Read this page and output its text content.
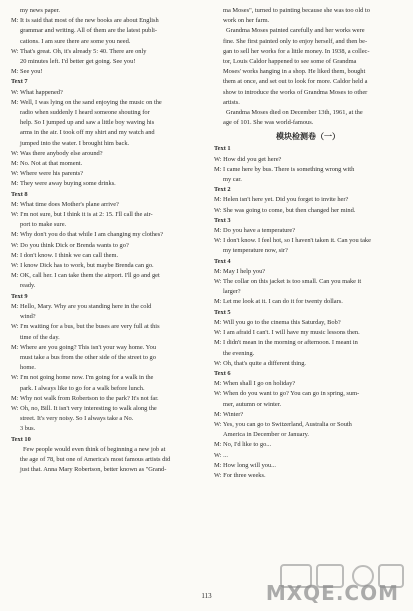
my news paper.
M: It is said that most of the new books are about English
grammar and writing. All of them are the latest publi-
cations. I am sure there are some you need.
W: That's great. Oh, it's already 5: 40. There are only
20 minutes left. I'd better get going. See you!
M: See you!
Text 7
W: What happened?
M: Well, I was lying on the sand enjoying the music on the
radio when suddenly I heard someone shouting for
help. So I jumped up and saw a little boy waving his
arms in the air. I took off my shirt and my watch and
jumped into the water. I brought him back.
W: Was there anybody else around?
M: No. Not at that moment.
W: Where were his parents?
M: They were away buying some drinks.
Text 8
M: What time does Mother's plane arrive?
W: I'm not sure, but I think it is at 2: 15. I'll call the air-
port to make sure.
M: Why don't you do that while I am changing my clothes?
W: Do you think Dick or Brenda wants to go?
M: I don't know. I think we can call them.
W: I know Dick has to work, but maybe Brenda can go.
M: OK, call her. I can take them the airport. I'll go and get
ready.
Text 9
M: Hello, Mary. Why are you standing here in the cold
wind?
W: I'm waiting for a bus, but the buses are very full at this
time of the day.
M: Where are you going? This isn't your way home. You
must take a bus from the other side of the street to go
home.
W: I'm not going home now. I'm going for a walk in the
park. I always like to go for a walk before lunch.
M: Why not walk from Robertson to the park? It's not far.
W: Oh, no, Bill. It isn't very interesting to walk along the
street. It's very noisy. So I always take a No.
3 bus.
Text 10
Few people would even think of beginning a new job at
the age of 78, but one of America's most famous artists did
just that. Anna Mary Robertson, better known as "Grand-
ma Moses", turned to painting because she was too old to
work on her farm.
Grandma Moses painted carefully and her works were
fine. She first painted only to enjoy herself, and then be-
gan to sell her works for a little money. In 1938, a collec-
tor, Louis Caldor happened to see some of Grandma
Moses' works hanging in a shop. He liked them, bought
them at once, and set out to look for more. Caldor held a
show to introduce the works of Grandma Moses to other
artists.
Grandma Moses died on December 13th, 1961, at the
age of 101. She was world-famous.
模块检测卷（一）
Text 1
W: How did you get here?
M: I came here by bus. There is something wrong with
my car.
Text 2
M: Helen isn't here yet. Did you forget to invite her?
W: She was going to come, but then changed her mind.
Text 3
M: Do you have a temperature?
W: I don't know. I feel hot, so I haven't taken it. Can you take
my temperature now, sir?
Text 4
M: May I help you?
W: The collar on this jacket is too small. Can you make it
larger?
M: Let me look at it. I can do it for twenty dollars.
Text 5
M: Will you go to the cinema this Saturday, Bob?
W: I am afraid I can't. I will have my music lessons then.
M: I didn't mean in the morning or afternoon. I meant in
the evening.
W: Oh, that's quite a different thing.
Text 6
M: When shall I go on holiday?
W: When do you want to go? You can go in spring, sum-
mer, autumn or winter.
M: Winter?
W: Yes, you can go to Switzerland, Australia or South
America in December or January.
M: No, I'd like to go...
W: ...
M: How long will you...
W: For three weeks.
113	MXQE.COM
